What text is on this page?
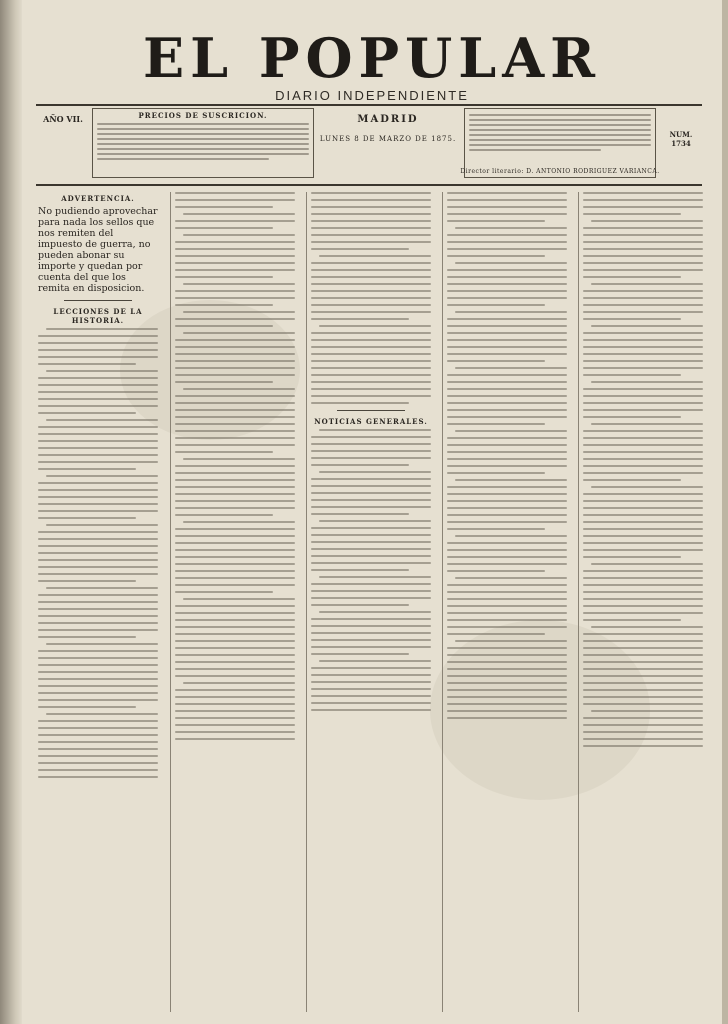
EL POPULAR
DIARIO INDEPENDIENTE
AÑO VII.	PRECIOS DE SUSCRICION.	MADRID
LUNES 8 DE MARZO DE 1875.	NUM. 1734
Director literario: D. ANTONIO RODRIGUEZ VARIANCA.
ADVERTENCIA.
No pudiendo aprovechar para nada los sellos que nos remiten del impuesto de guerra, no pueden abonar su importe y quedan por cuenta del que los remita en disposicion.
LECCIONES DE LA HISTORIA.
NOTICIAS GENERALES.
